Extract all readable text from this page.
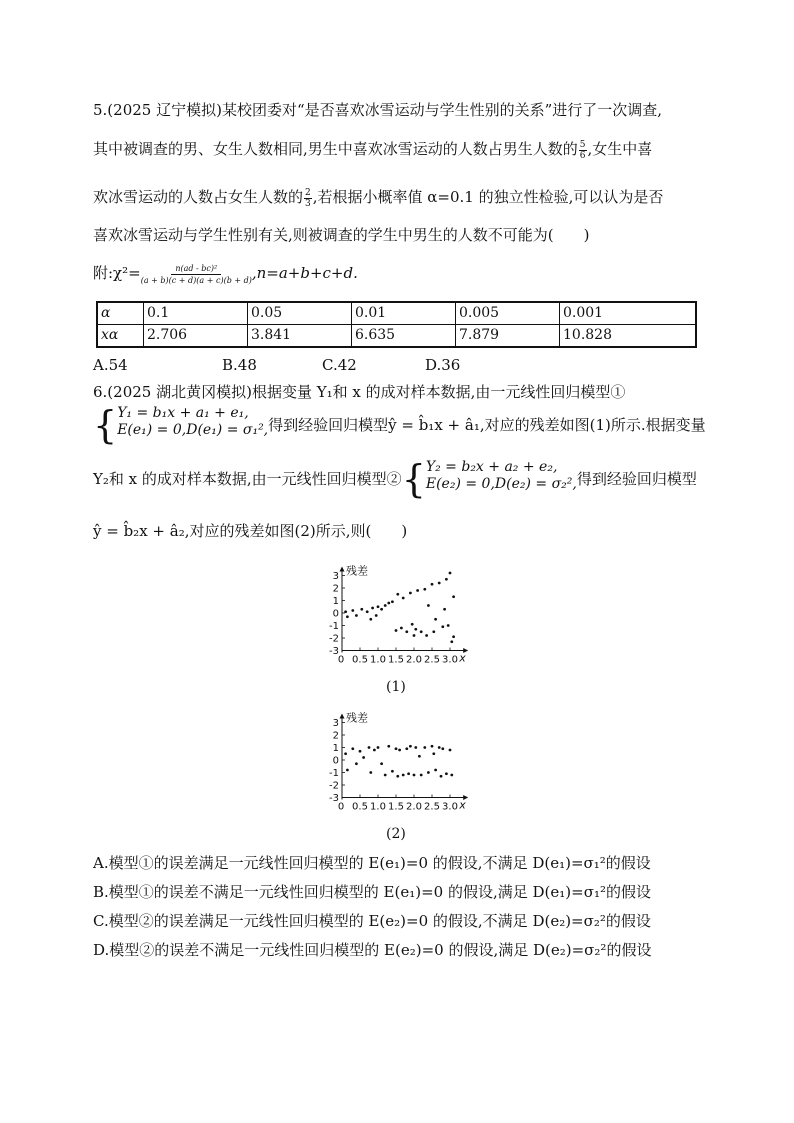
5.(2025 辽宁模拟)某校团委对“是否喜欢冰雪运动与学生性别的关系”进行了一次调查,
其中被调查的男、女生人数相同,男生中喜欢冰雪运动的人数占男生人数的 $\frac{5}{6}$ ,女生中喜
欢冰雪运动的人数占女生人数的 $\frac{2}{3}$ ,若根据小概率值 α=0.1 的独立性检验,可以认为是否
喜欢冰雪运动与学生性别有关,则被调查的学生中男生的人数不可能为(　　)
附:χ²= $\frac{\text{n(ad - bc)²}}{(a + b)(c + d)(a + c)(b + d)} ,n=a+b+c+d$.
α	0.1	0.05	0.01	0.005	0.001
xα	2.706	3.841	6.635	7.879	10.828
A.54	B.48	C.42	D.36
6.(2025 湖北黄冈模拟)根据变量 Y₁和 x 的成对样本数据,由一元线性回归模型①
{Y₁ = b₁x + a₁ + e₁,
E(e₁) = 0,D(e₁) = σ₁²,得到经验回归模型ŷ = b̂₁x + â₁,对应的残差如图(1)所示.根据变量
Y₂和 x 的成对样本数据,由一元线性回归模型②{Y₂ = b₂x + a₂ + e₂,
E(e₂) = 0,D(e₂) = σ₂²,得到经验回归模型
ŷ = b̂₂x + â₂,对应的残差如图(2)所示,则(　　)
3
2
1
0
-1
-2
-3
0 0.5 1.0 1.5 2.0 2.5 3.0
残差
x
(1)
3
2
1
0
-1
-2
-3
0 0.5 1.0 1.5 2.0 2.5 3.0
残差
x
(2)
A.模型①的误差满足一元线性回归模型的 E(e₁)=0 的假设,不满足 D(e₁)=σ₁²的假设
B.模型①的误差不满足一元线性回归模型的 E(e₁)=0 的假设,满足 D(e₁)=σ₁²的假设
C.模型②的误差满足一元线性回归模型的 E(e₂)=0 的假设,不满足 D(e₂)=σ₂²的假设
D.模型②的误差不满足一元线性回归模型的 E(e₂)=0 的假设,满足 D(e₂)=σ₂²的假设
